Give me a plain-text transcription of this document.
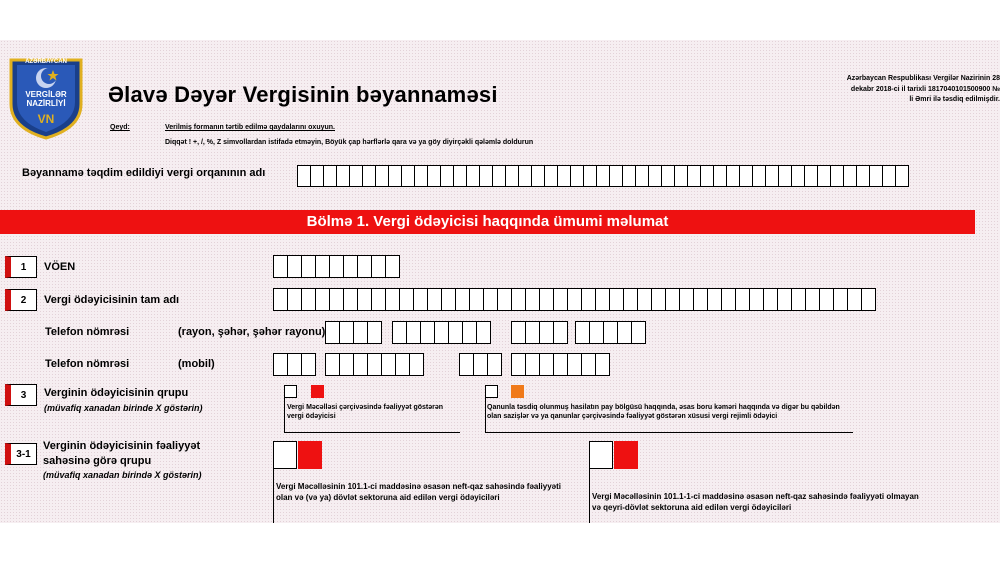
AZƏRBAYCAN
VERGİLƏR
NAZİRLİYİ
VN
Əlavə Dəyər Vergisinin bəyannaməsi
Azərbaycan Respublikası Vergilər Nazirinin 28
dekabr 2018-ci il tarixli 1817040101500900 №
li Əmri ilə təsdiq edilmişdir.
Qeyd:	Verilmiş formanın tərtib edilmə qaydalarını oxuyun.
Diqqət ! +, /, %, Z simvollardan istifadə etməyin, Böyük çap hərflərlə qara və ya göy diyirçəkli qələmlə doldurun
Bəyannamə təqdim edildiyi vergi orqanının adı
Bölmə 1. Vergi ödəyicisi haqqında ümumi məlumat
1	VÖEN
2	Vergi ödəyicisinin tam adı
Telefon nömrəsi	(rayon, şəhər, şəhər rayonu)
Telefon nömrəsi	(mobil)
3	Verginin ödəyicisinin qrupu
(müvafiq xanadan birinde X göstərin)	Vergi Məcəlləsi çərçivəsində fəaliyyət göstərən vergi ödəyicisi
Qanunla təsdiq olunmuş hasilatın pay bölgüsü haqqında, əsas boru kəməri haqqında və digər bu qəbildən olan sazişlər və ya qanunlar çərçivəsində fəaliyyət göstərən xüsusi vergi rejimli ödəyici
3-1
Verginin ödəyicisinin fəaliyyət
sahəsinə görə qrupu
(müvafiq xanadan birində X göstərin)
Vergi Məcəlləsinin 101.1-ci maddəsinə əsasən neft-qaz sahəsində fəaliyyəti olan və (və ya) dövlət sektoruna aid edilən vergi ödəyiciləri	Vergi Məcəlləsinin 101.1-1-ci maddəsinə əsasən neft-qaz sahəsində fəaliyyəti olmayan və qeyri-dövlət sektoruna aid edilən vergi ödəyiciləri
